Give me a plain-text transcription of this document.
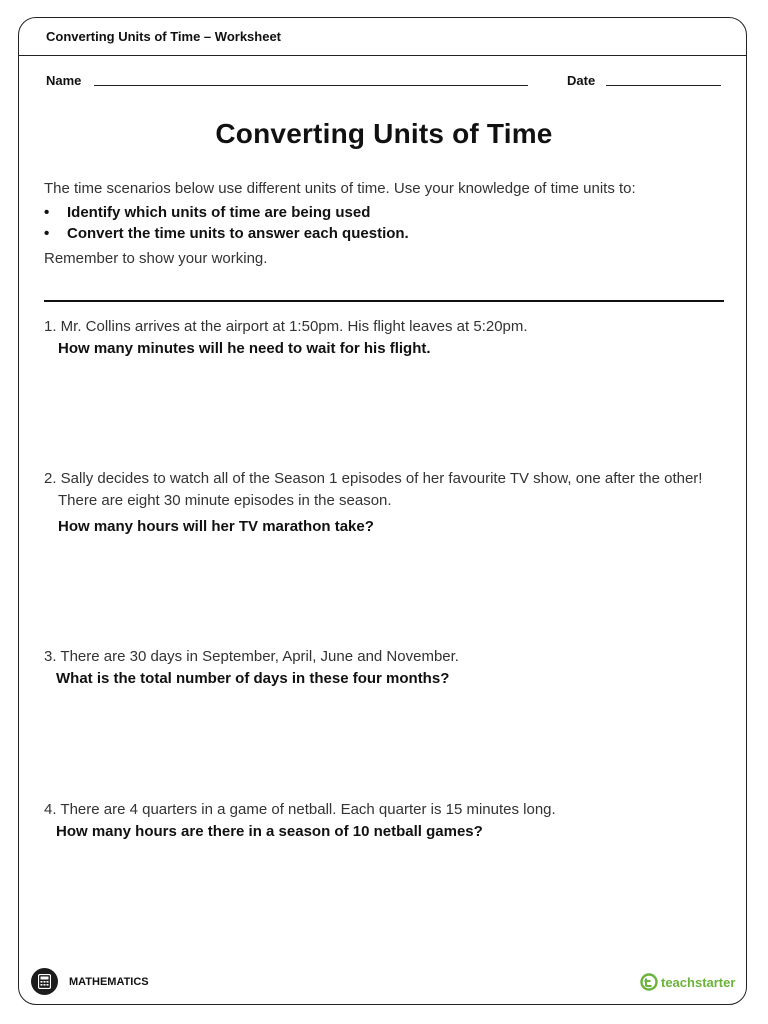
Converting Units of Time – Worksheet
Name	Date
Converting Units of Time
The time scenarios below use different units of time. Use your knowledge of time units to:
• Identify which units of time are being used
• Convert the time units to answer each question.
Remember to show your working.
1. Mr. Collins arrives at the airport at 1:50pm. His flight leaves at 5:20pm.
How many minutes will he need to wait for his flight.
2. Sally decides to watch all of the Season 1 episodes of her favourite TV show, one after the other!
There are eight 30 minute episodes in the season.
How many hours will her TV marathon take?
3. There are 30 days in September, April, June and November.
What is the total number of days in these four months?
4. There are 4 quarters in a game of netball. Each quarter is 15 minutes long.
How many hours are there in a season of 10 netball games?
MATHEMATICS	teachstarter
